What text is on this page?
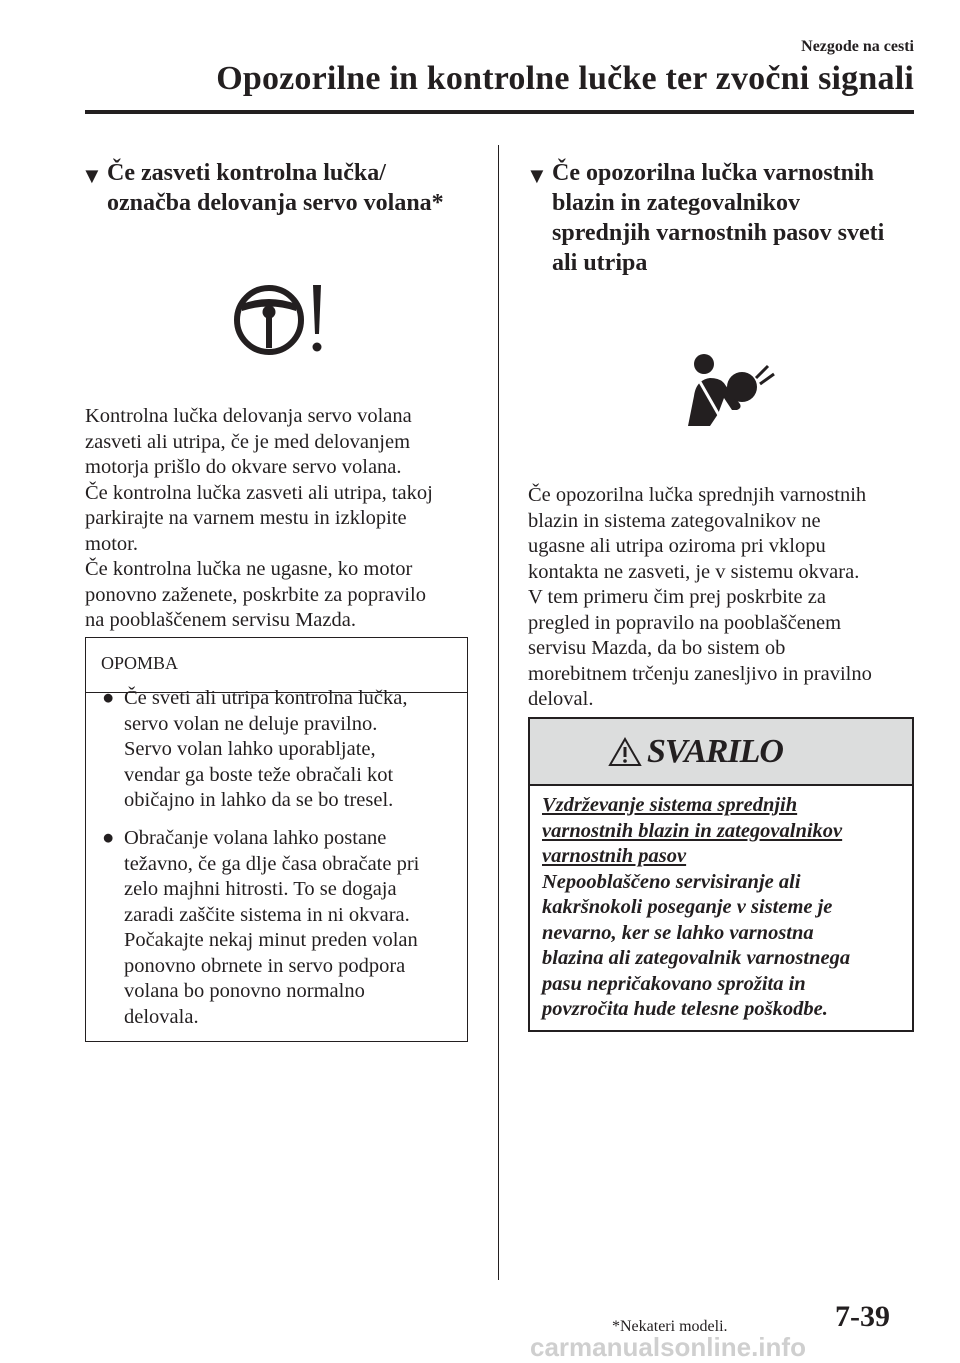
Nezgode na cesti
Opozorilne in kontrolne lučke ter zvočni signali
▼ Če zasveti kontrolna lučka/
označba delovanja servo volana*
Kontrolna lučka delovanja servo volana
zasveti ali utripa, če je med delovanjem
motorja prišlo do okvare servo volana.
Če kontrolna lučka zasveti ali utripa, takoj
parkirajte na varnem mestu in izklopite
motor.
Če kontrolna lučka ne ugasne, ko motor
ponovno zaženete, poskrbite za popravilo
na pooblaščenem servisu Mazda.
OPOMBA
● Če sveti ali utripa kontrolna lučka,
servo volan ne deluje pravilno.
Servo volan lahko uporabljate,
vendar ga boste teže obračali kot
običajno in lahko da se bo tresel.
● Obračanje volana lahko postane
težavno, če ga dlje časa obračate pri
zelo majhni hitrosti. To se dogaja
zaradi zaščite sistema in ni okvara.
Počakajte nekaj minut preden volan
ponovno obrnete in servo podpora
volana bo ponovno normalno
delovala.
▼ Če opozorilna lučka varnostnih
blazin in zategovalnikov
sprednjih varnostnih pasov sveti
ali utripa
Če opozorilna lučka sprednjih varnostnih
blazin in sistema zategovalnikov ne
ugasne ali utripa oziroma pri vklopu
kontakta ne zasveti, je v sistemu okvara.
V tem primeru čim prej poskrbite za
pregled in popravilo na pooblaščenem
servisu Mazda, da bo sistem ob
morebitnem trčenju zanesljivo in pravilno
deloval.
SVARILO
Vzdrževanje sistema sprednjih
varnostnih blazin in zategovalnikov
varnostnih pasov
Nepooblaščeno servisiranje ali
kakršnokoli poseganje v sisteme je
nevarno, ker se lahko varnostna
blazina ali zategovalnik varnostnega
pasu nepričakovano sprožita in
povzročita hude telesne poškodbe.
*Nekateri modeli.	7-39
carmanualsonline.info
